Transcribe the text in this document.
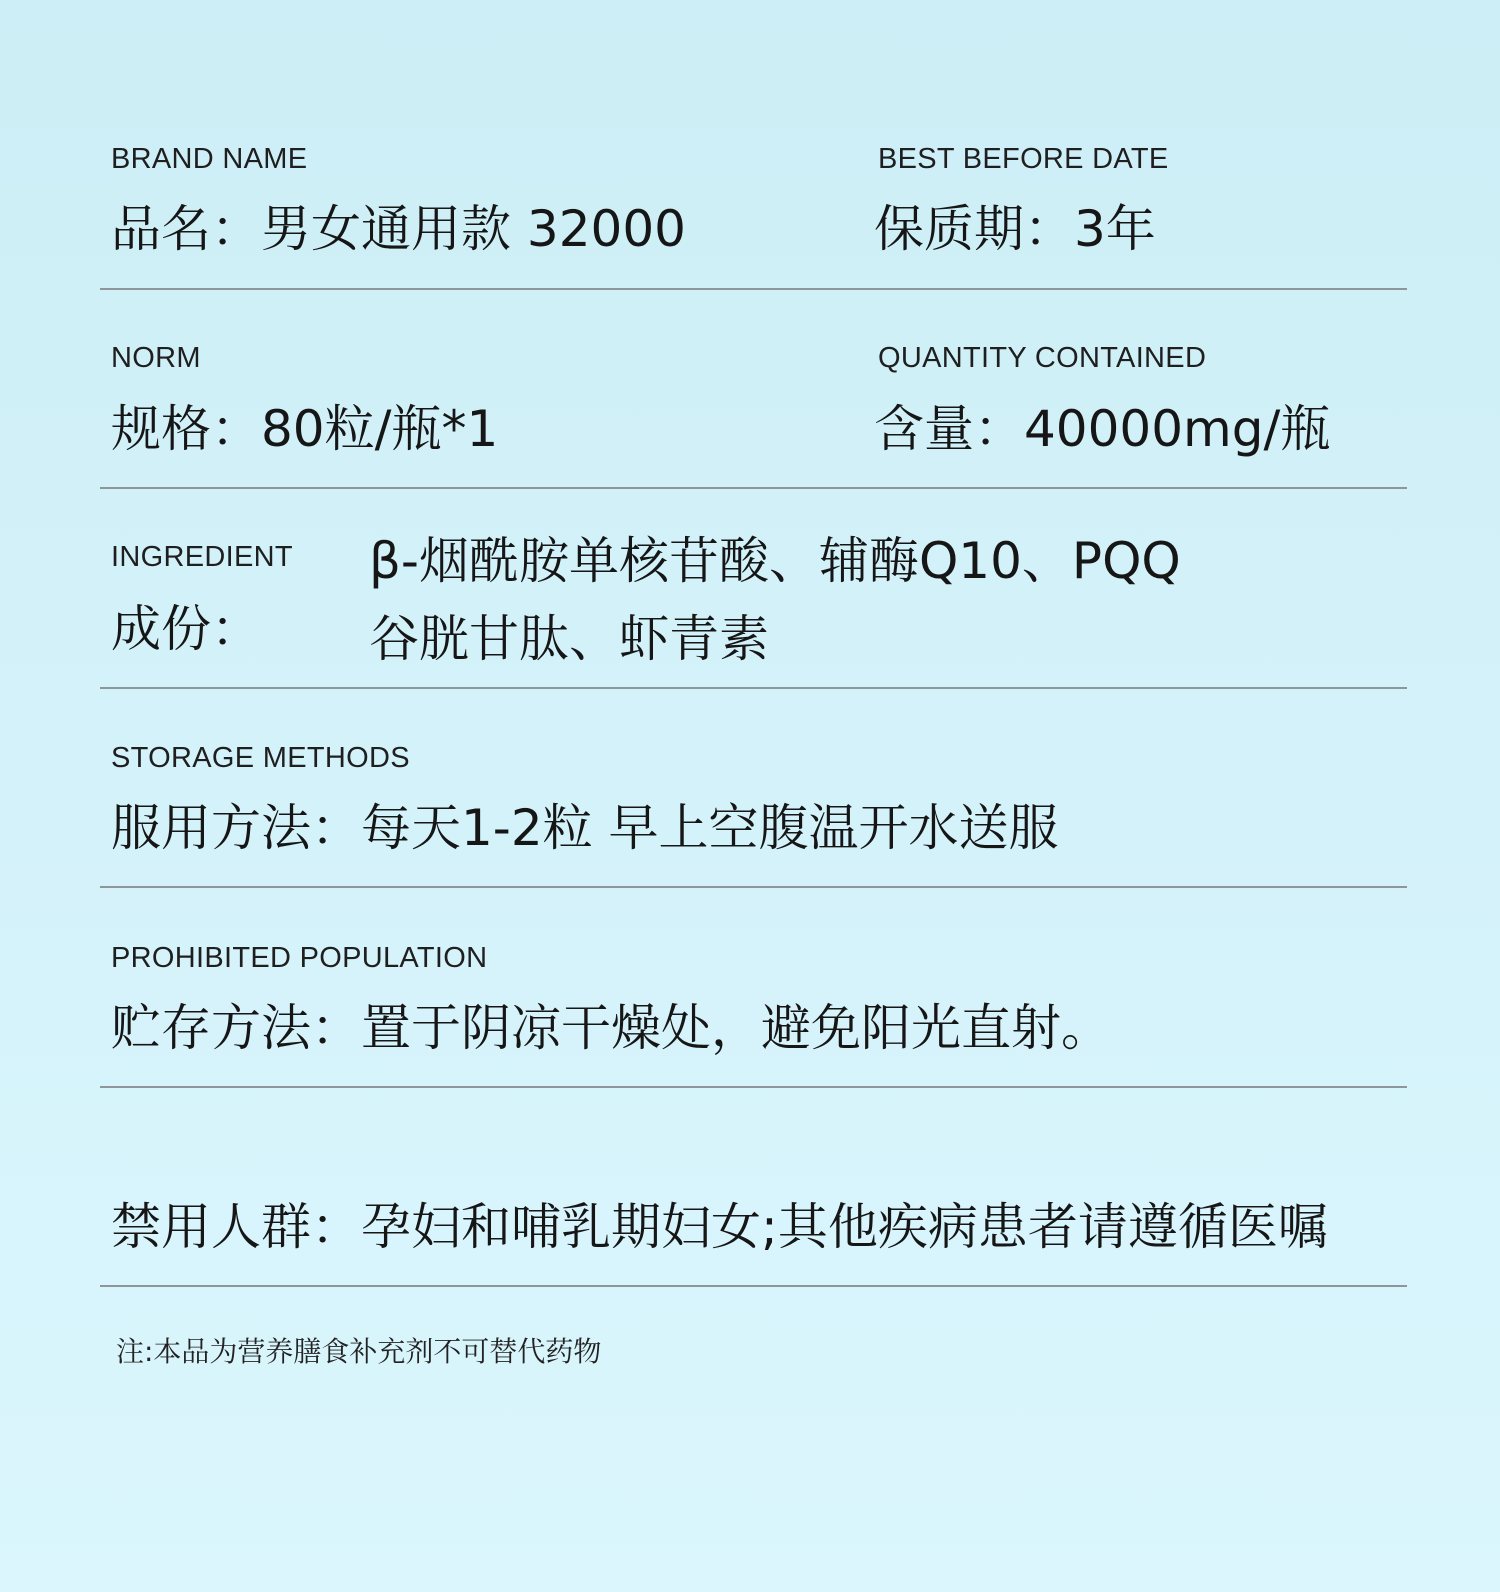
BRAND NAME
品名：男女通用款 32000
BEST BEFORE DATE
保质期：3年
NORM
规格：80粒/瓶*1
QUANTITY CONTAINED
含量：40000mg/瓶
INGREDIENT
成份：
β-烟酰胺单核苷酸、辅酶Q10、PQQ
谷胱甘肽、虾青素
STORAGE METHODS
服用方法：每天1-2粒 早上空腹温开水送服
PROHIBITED POPULATION
贮存方法：置于阴凉干燥处，避免阳光直射。
禁用人群：孕妇和哺乳期妇女;其他疾病患者请遵循医嘱
注:本品为营养膳食补充剂不可替代药物
